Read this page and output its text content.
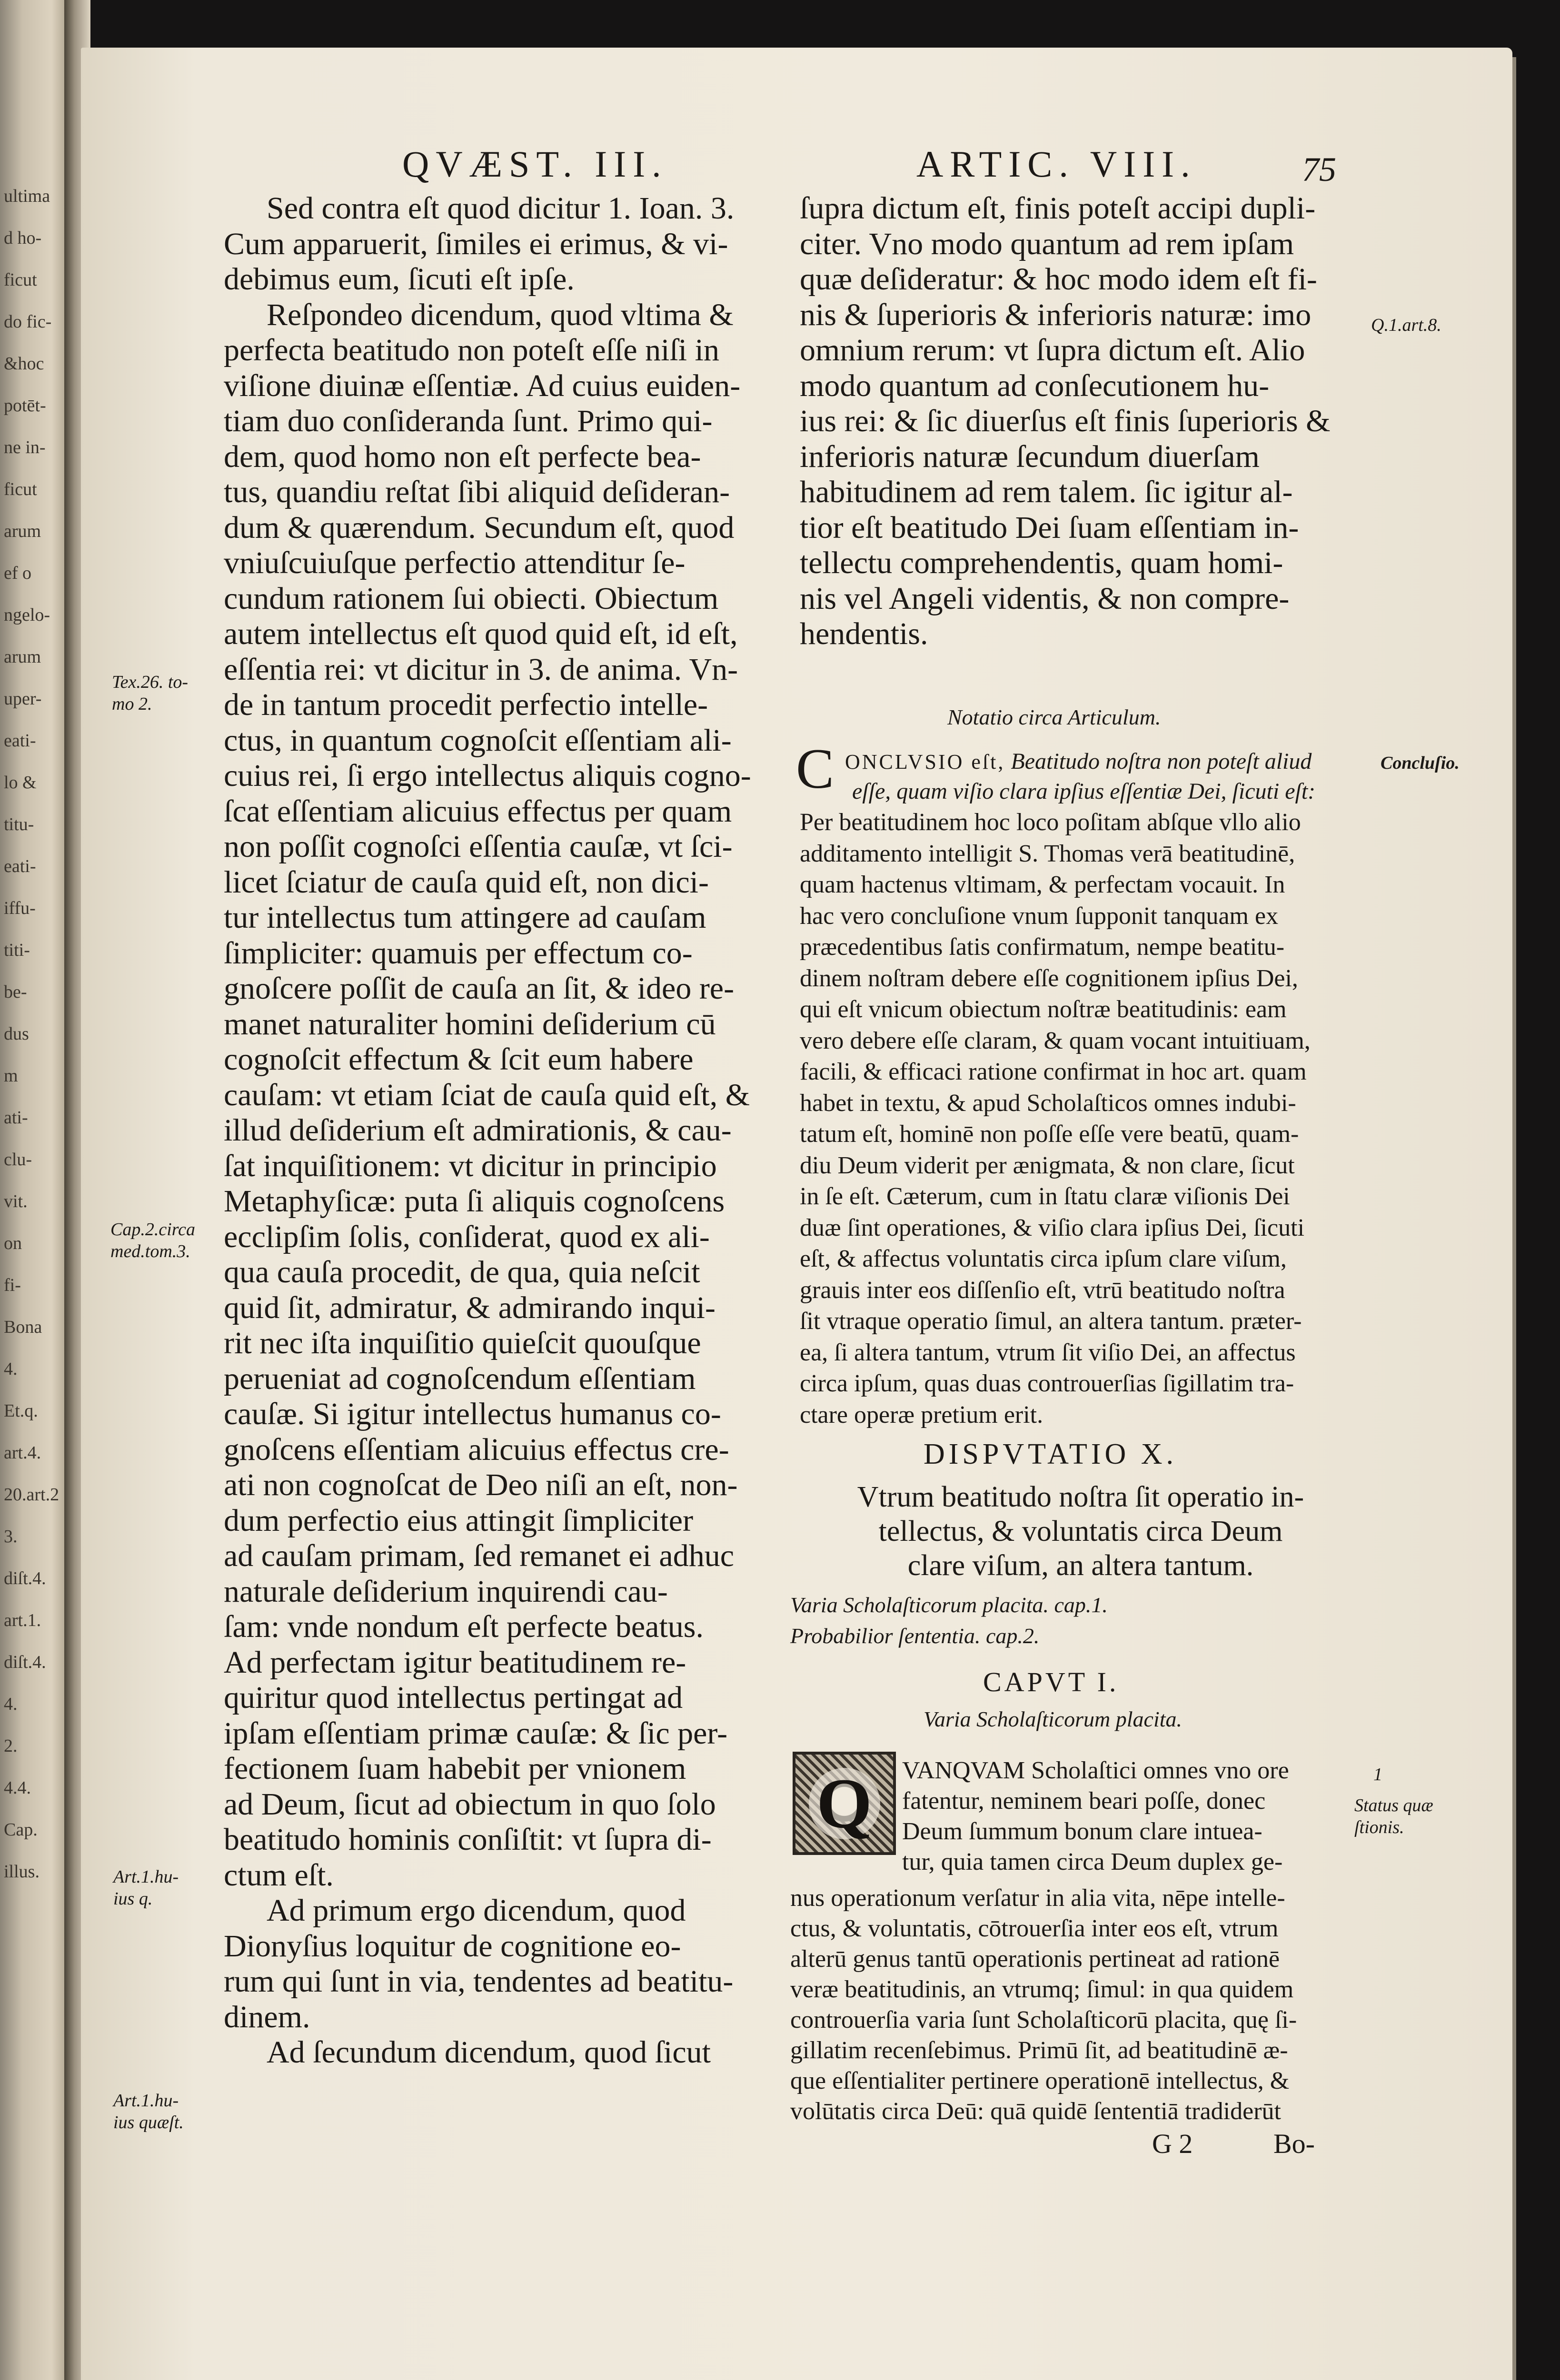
ultima
d ho-
ficut
do fic-
&hoc
potēt-
ne in-
ficut
arum
ef o
ngelo-
arum
uper-
eati-
lo &
titu-
eati-
iffu-
titi-
be-
dus
m
ati-
clu-
vit.
on
fi-
Bona
4.
Et.q.
art.4.
20.art.2
3.
diſt.4.
art.1.
diſt.4.
4.
2.
4.4.
Cap.
illus.
QVÆST. III.	ARTIC. VIII.	75
Sed contra eſt quod dicitur 1. Ioan. 3.
Cum apparuerit, ſimiles ei erimus, & vi-
debimus eum, ſicuti eſt ipſe.
Reſpondeo dicendum, quod vltima &
perfecta beatitudo non poteſt eſſe niſi in
viſione diuinæ eſſentiæ. Ad cuius euiden-
tiam duo conſideranda ſunt. Primo qui-
dem, quod homo non eſt perfecte bea-
tus, quandiu reſtat ſibi aliquid deſideran-
dum & quærendum. Secundum eſt, quod
vniuſcuiuſque perfectio attenditur ſe-
cundum rationem ſui obiecti. Obiectum
autem intellectus eſt quod quid eſt, id eſt,
eſſentia rei: vt dicitur in 3. de anima. Vn-
de in tantum procedit perfectio intelle-
ctus, in quantum cognoſcit eſſentiam ali-
cuius rei, ſi ergo intellectus aliquis cogno-
ſcat eſſentiam alicuius effectus per quam
non poſſit cognoſci eſſentia cauſæ, vt ſci-
licet ſciatur de cauſa quid eſt, non dici-
tur intellectus tum attingere ad cauſam
ſimpliciter: quamuis per effectum co-
gnoſcere poſſit de cauſa an ſit, & ideo re-
manet naturaliter homini deſiderium cū
cognoſcit effectum & ſcit eum habere
cauſam: vt etiam ſciat de cauſa quid eſt, &
illud deſiderium eſt admirationis, & cau-
ſat inquiſitionem: vt dicitur in principio
Metaphyſicæ: puta ſi aliquis cognoſcens
ecclipſim ſolis, conſiderat, quod ex ali-
qua cauſa procedit, de qua, quia neſcit
quid ſit, admiratur, & admirando inqui-
rit nec iſta inquiſitio quieſcit quouſque
perueniat ad cognoſcendum eſſentiam
cauſæ. Si igitur intellectus humanus co-
gnoſcens eſſentiam alicuius effectus cre-
ati non cognoſcat de Deo niſi an eſt, non-
dum perfectio eius attingit ſimpliciter
ad cauſam primam, ſed remanet ei adhuc
naturale deſiderium inquirendi cau-
ſam: vnde nondum eſt perfecte beatus.
Ad perfectam igitur beatitudinem re-
quiritur quod intellectus pertingat ad
ipſam eſſentiam primæ cauſæ: & ſic per-
fectionem ſuam habebit per vnionem
ad Deum, ſicut ad obiectum in quo ſolo
beatitudo hominis conſiſtit: vt ſupra di-
ctum eſt.
Ad primum ergo dicendum, quod
Dionyſius loquitur de cognitione eo-
rum qui ſunt in via, tendentes ad beatitu-
dinem.
Ad ſecundum dicendum, quod ſicut
Tex.26. to-
mo 2.
Cap.2.circa
med.tom.3.
Art.1.hu-
ius q.
Art.1.hu-
ius quæſt.
ſupra dictum eſt, finis poteſt accipi dupli-
citer. Vno modo quantum ad rem ipſam
quæ deſideratur: & hoc modo idem eſt fi-
nis & ſuperioris & inferioris naturæ: imo
omnium rerum: vt ſupra dictum eſt. Alio
modo quantum ad conſecutionem hu-
ius rei: & ſic diuerſus eſt finis ſuperioris &
inferioris naturæ ſecundum diuerſam
habitudinem ad rem talem. ſic igitur al-
tior eſt beatitudo Dei ſuam eſſentiam in-
tellectu comprehendentis, quam homi-
nis vel Angeli videntis, & non compre-
hendentis.
Notatio circa Articulum.
C ONCLVSIO eſt, Beatitudo noſtra non poteſt aliud
eſſe, quam viſio clara ipſius eſſentiæ Dei, ſicuti eſt:
Per beatitudinem hoc loco poſitam abſque vllo alio
additamento intelligit S. Thomas verā beatitudinē,
quam hactenus vltimam, & perfectam vocauit. In
hac vero concluſione vnum ſupponit tanquam ex
præcedentibus ſatis confirmatum, nempe beatitu-
dinem noſtram debere eſſe cognitionem ipſius Dei,
qui eſt vnicum obiectum noſtræ beatitudinis: eam
vero debere eſſe claram, & quam vocant intuitiuam,
facili, & efficaci ratione confirmat in hoc art. quam
habet in textu, & apud Scholaſticos omnes indubi-
tatum eſt, hominē non poſſe eſſe vere beatū, quam-
diu Deum viderit per ænigmata, & non clare, ſicut
in ſe eſt. Cæterum, cum in ſtatu claræ viſionis Dei
duæ ſint operationes, & viſio clara ipſius Dei, ſicuti
eſt, & affectus voluntatis circa ipſum clare viſum,
grauis inter eos diſſenſio eſt, vtrū beatitudo noſtra
ſit vtraque operatio ſimul, an altera tantum. præter-
ea, ſi altera tantum, vtrum ſit viſio Dei, an affectus
circa ipſum, quas duas controuerſias ſigillatim tra-
ctare operæ pretium erit.
DISPVTATIO X.
Vtrum beatitudo noſtra ſit operatio in-
tellectus, & voluntatis circa Deum
clare viſum, an altera tantum.
Varia Scholaſticorum placita. cap.1.
Probabilior ſententia. cap.2.
CAPVT I.
Varia Scholaſticorum placita.
Q	VANQVAM Scholaſtici omnes vno ore
fatentur, neminem beari poſſe, donec
Deum ſummum bonum clare intuea-
tur, quia tamen circa Deum duplex ge-
nus operationum verſatur in alia vita, nēpe intelle-
ctus, & voluntatis, cōtrouerſia inter eos eſt, vtrum
alterū genus tantū operationis pertineat ad rationē
veræ beatitudinis, an vtrumq; ſimul: in qua quidem
controuerſia varia ſunt Scholaſticorū placita, quę ſi-
gillatim recenſebimus. Primū ſit, ad beatitudinē æ-
que eſſentialiter pertinere operationē intellectus, &
volūtatis circa Deū: quā quidē ſententiā tradiderūt
G 2	Bo-
Q.1.art.8.
Concluſio.
1
Status quæ
ſtionis.
